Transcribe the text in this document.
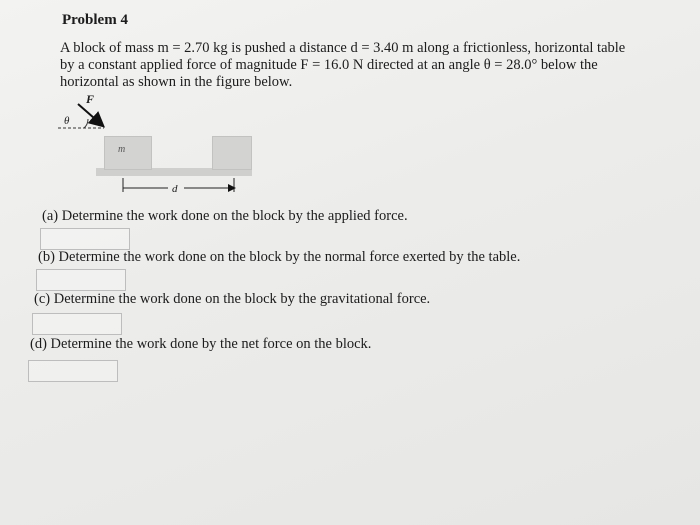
Problem 4
A block of mass m = 2.70 kg is pushed a distance d = 3.40 m along a frictionless, horizontal table
by a constant applied force of magnitude F = 16.0 N directed at an angle θ = 28.0° below the
horizontal as shown in the figure below.
F
θ
m
d
(a) Determine the work done on the block by the applied force.
(b) Determine the work done on the block by the normal force exerted by the table.
(c) Determine the work done on the block by the gravitational force.
(d) Determine the work done by the net force on the block.
